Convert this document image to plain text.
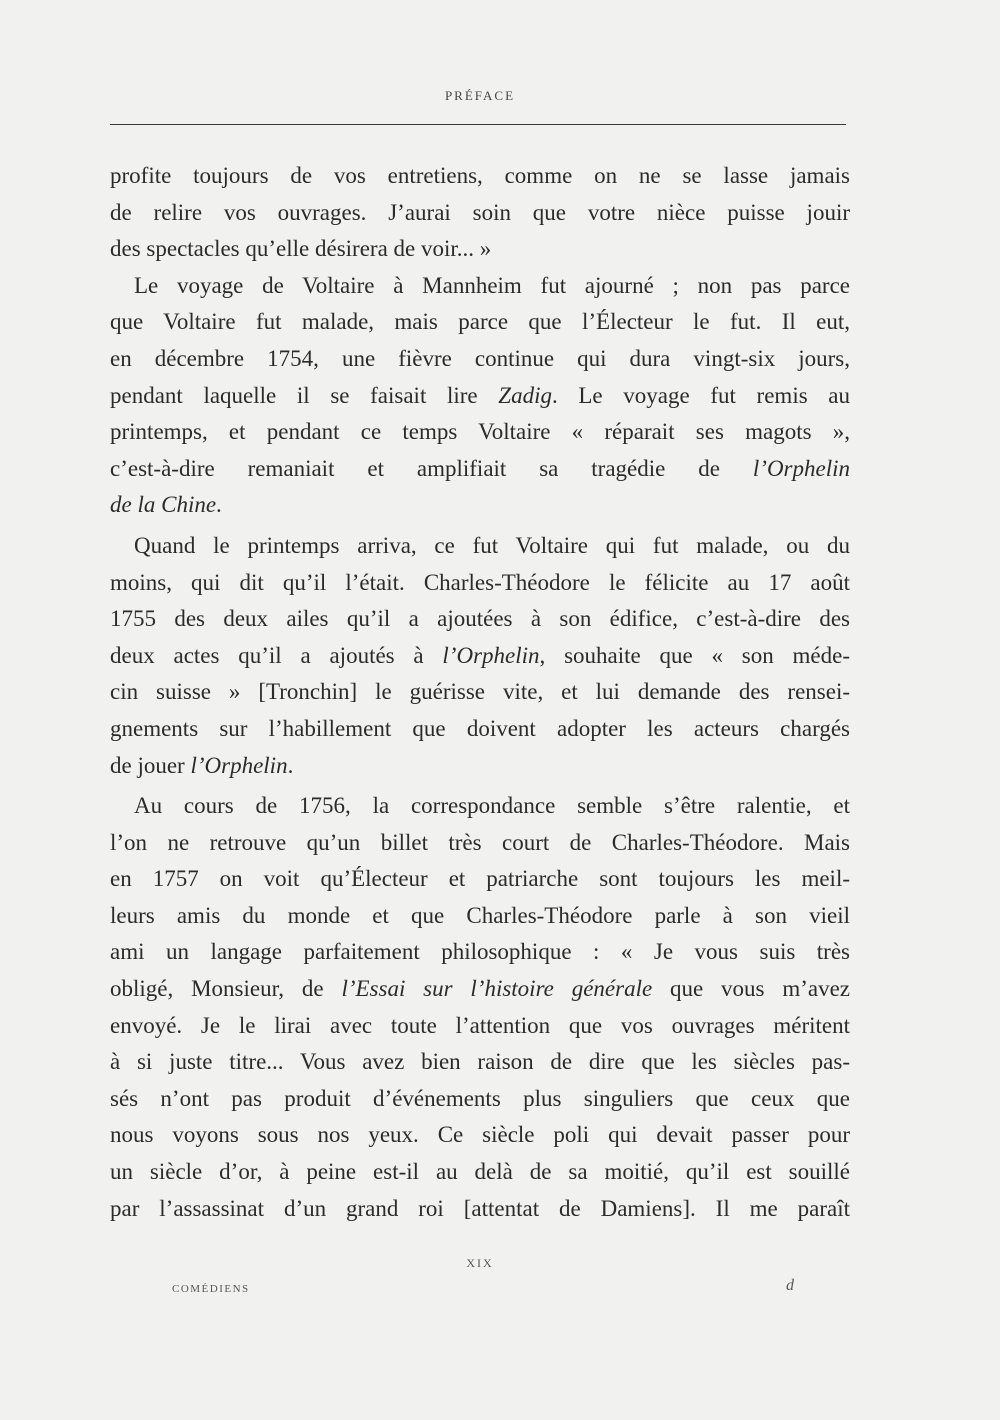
PRÉFACE
profite toujours de vos entretiens, comme on ne se lasse jamais
de relire vos ouvrages. J’aurai soin que votre nièce puisse jouir
des spectacles qu’elle désirera de voir... »
Le voyage de Voltaire à Mannheim fut ajourné ; non pas parce
que Voltaire fut malade, mais parce que l’Électeur le fut. Il eut,
en décembre 1754, une fièvre continue qui dura vingt-six jours,
pendant laquelle il se faisait lire Zadig. Le voyage fut remis au
printemps, et pendant ce temps Voltaire « réparait ses magots »,
c’est-à-dire remaniait et amplifiait sa tragédie de l’Orphelin
de la Chine.
Quand le printemps arriva, ce fut Voltaire qui fut malade, ou du
moins, qui dit qu’il l’était. Charles-Théodore le félicite au 17 août
1755 des deux ailes qu’il a ajoutées à son édifice, c’est-à-dire des
deux actes qu’il a ajoutés à l’Orphelin, souhaite que « son méde-
cin suisse » [Tronchin] le guérisse vite, et lui demande des rensei-
gnements sur l’habillement que doivent adopter les acteurs chargés
de jouer l’Orphelin.
Au cours de 1756, la correspondance semble s’être ralentie, et
l’on ne retrouve qu’un billet très court de Charles-Théodore. Mais
en 1757 on voit qu’Électeur et patriarche sont toujours les meil-
leurs amis du monde et que Charles-Théodore parle à son vieil
ami un langage parfaitement philosophique : « Je vous suis très
obligé, Monsieur, de l’Essai sur l’histoire générale que vous m’avez
envoyé. Je le lirai avec toute l’attention que vos ouvrages méritent
à si juste titre... Vous avez bien raison de dire que les siècles pas-
sés n’ont pas produit d’événements plus singuliers que ceux que
nous voyons sous nos yeux. Ce siècle poli qui devait passer pour
un siècle d’or, à peine est-il au delà de sa moitié, qu’il est souillé
par l’assassinat d’un grand roi [attentat de Damiens]. Il me paraît
XIX
COMÉDIENS	d
